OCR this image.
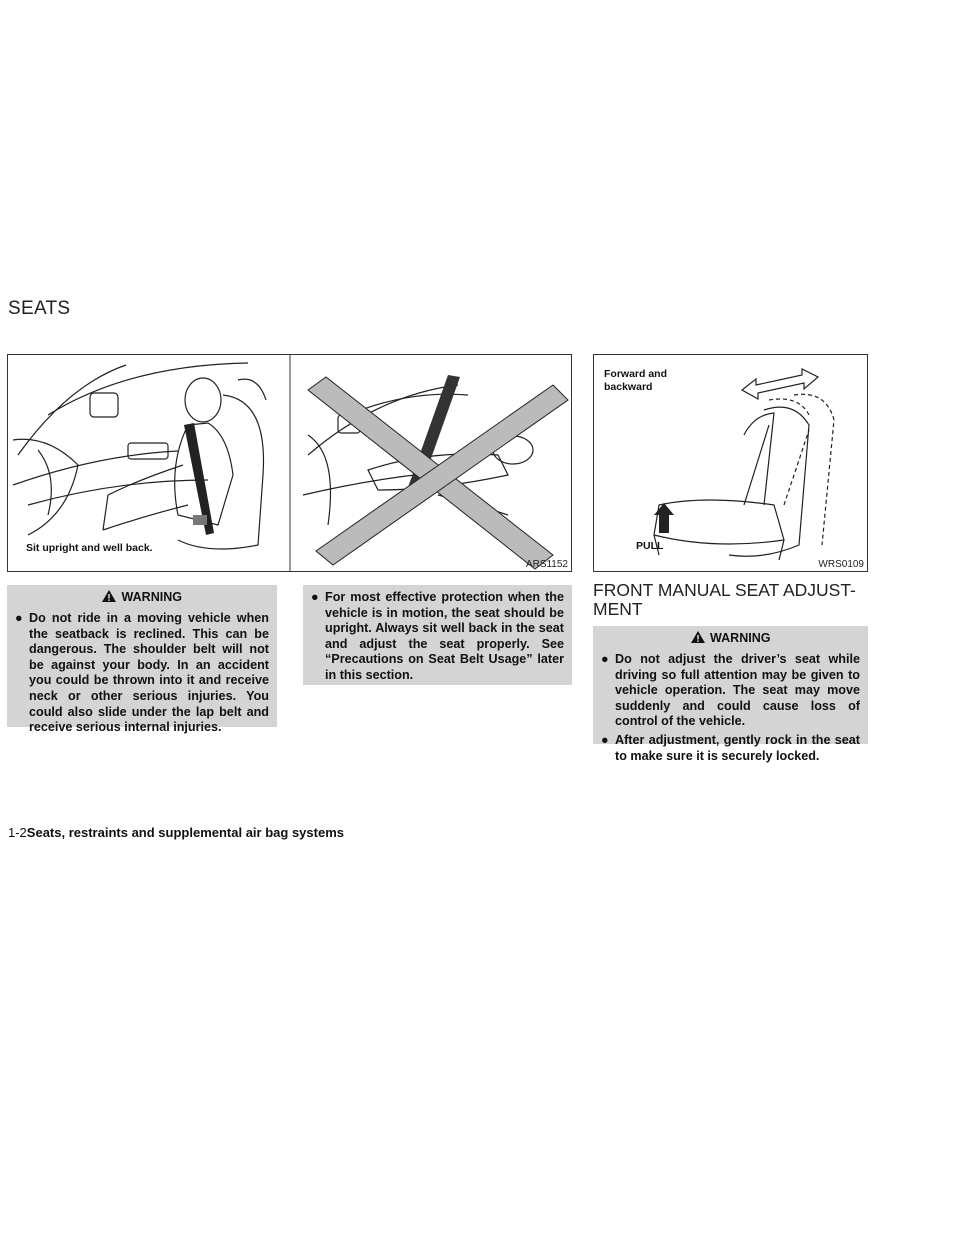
SEATS
Sit upright and well back.
ARS1152
Forward and backward
PULL
WRS0109
WARNING
● Do not ride in a moving vehicle when the seatback is reclined. This can be dangerous. The shoulder belt will not be against your body. In an accident you could be thrown into it and receive neck or other serious injuries. You could also slide under the lap belt and receive serious internal injuries.
● For most effective protection when the vehicle is in motion, the seat should be upright. Always sit well back in the seat and adjust the seat properly. See “Precautions on Seat Belt Usage” later in this section.
FRONT MANUAL SEAT ADJUST-MENT
WARNING
● Do not adjust the driver’s seat while driving so full attention may be given to vehicle operation. The seat may move suddenly and could cause loss of control of the vehicle.
● After adjustment, gently rock in the seat to make sure it is securely locked.
1-2Seats, restraints and supplemental air bag systems
